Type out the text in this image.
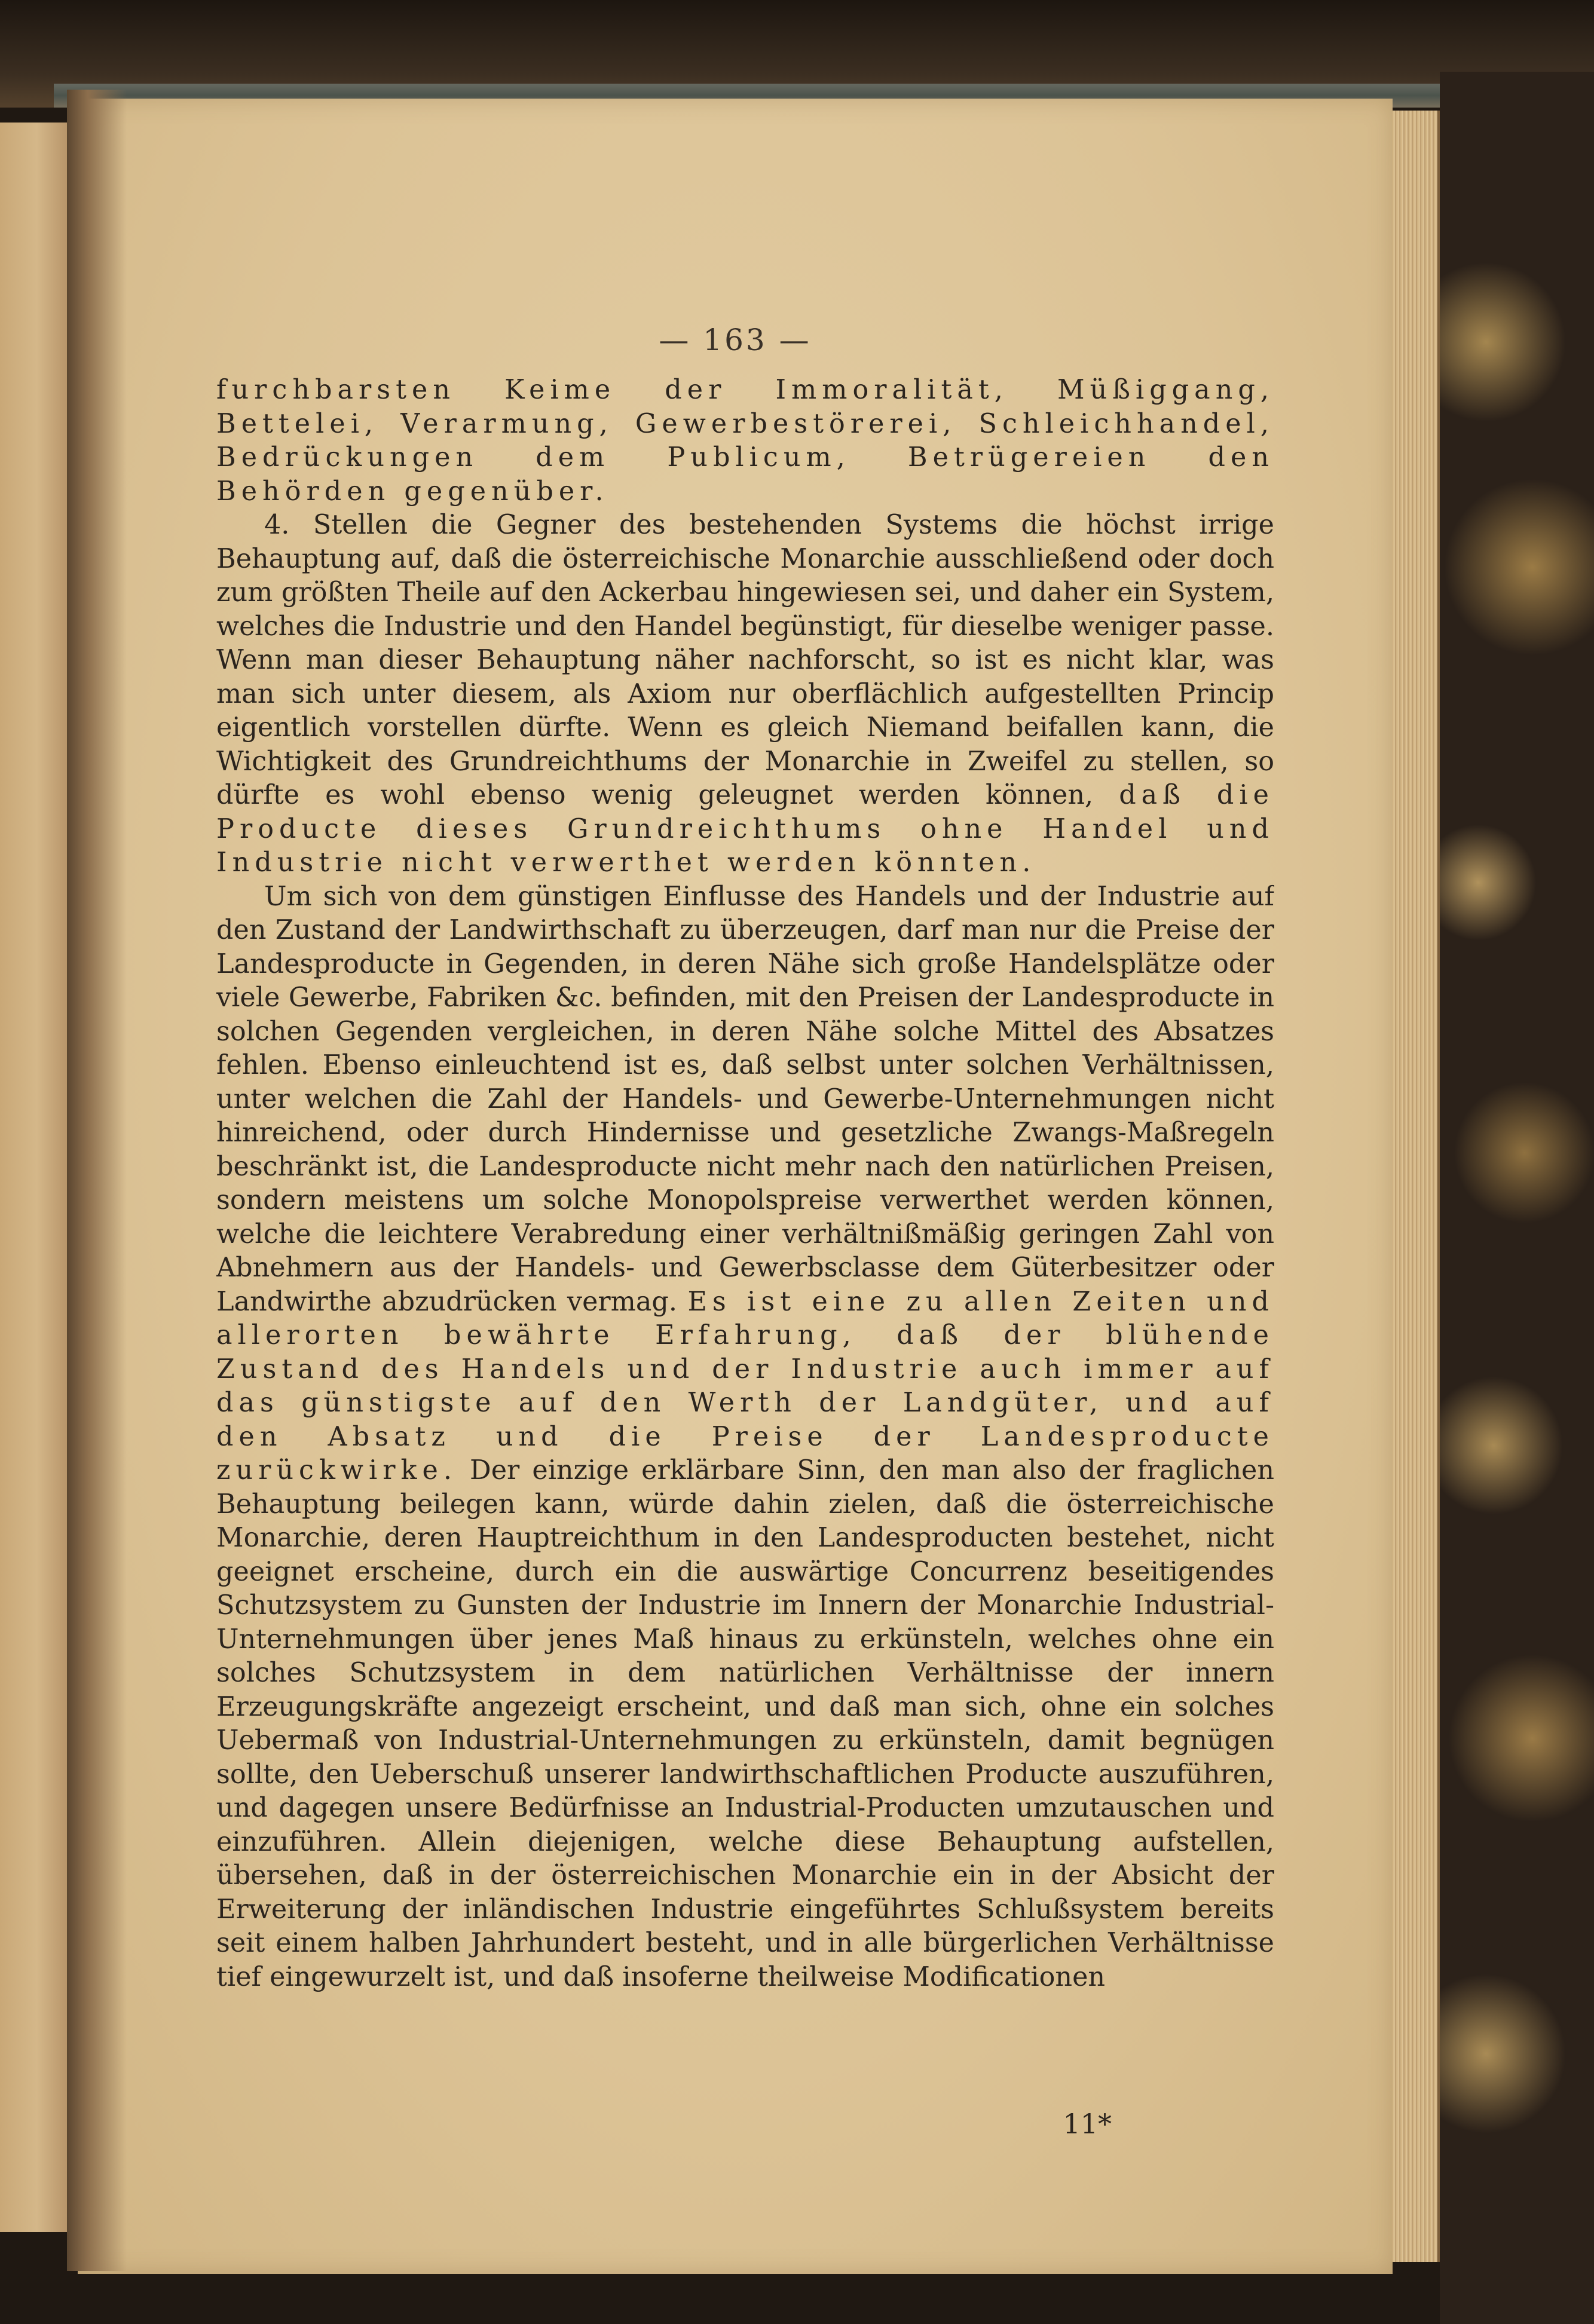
— 163 —

furchbarsten Keime der Immoralität, Müßiggang, Bettelei, Verarmung, Gewerbestörerei, Schleichhandel, Bedrückungen dem Publicum, Betrügereien den Behörden gegenüber.

4. Stellen die Gegner des bestehenden Systems die höchst irrige Behauptung auf, daß die österreichische Monarchie ausschließend oder doch zum größten Theile auf den Ackerbau hingewiesen sei, und daher ein System, welches die Industrie und den Handel begünstigt, für dieselbe weniger passe. Wenn man dieser Behauptung näher nachforscht, so ist es nicht klar, was man sich unter diesem, als Axiom nur oberflächlich aufgestellten Princip eigentlich vorstellen dürfte. Wenn es gleich Niemand beifallen kann, die Wichtigkeit des Grundreichthums der Monarchie in Zweifel zu stellen, so dürfte es wohl ebenso wenig geleugnet werden können, daß die Producte dieses Grundreichthums ohne Handel und Industrie nicht verwerthet werden könnten.

Um sich von dem günstigen Einflusse des Handels und der Industrie auf den Zustand der Landwirthschaft zu überzeugen, darf man nur die Preise der Landesproducte in Gegenden, in deren Nähe sich große Handelsplätze oder viele Gewerbe, Fabriken &c. befinden, mit den Preisen der Landesproducte in solchen Gegenden vergleichen, in deren Nähe solche Mittel des Absatzes fehlen. Ebenso einleuchtend ist es, daß selbst unter solchen Verhältnissen, unter welchen die Zahl der Handels- und Gewerbe-Unternehmungen nicht hinreichend, oder durch Hindernisse und gesetzliche Zwangs-Maßregeln beschränkt ist, die Landesproducte nicht mehr nach den natürlichen Preisen, sondern meistens um solche Monopolspreise verwerthet werden können, welche die leichtere Verabredung einer verhältnißmäßig geringen Zahl von Abnehmern aus der Handels- und Gewerbsclasse dem Güterbesitzer oder Landwirthe abzudrücken vermag. Es ist eine zu allen Zeiten und allerorten bewährte Erfahrung, daß der blühende Zustand des Handels und der Industrie auch immer auf das günstigste auf den Werth der Landgüter, und auf den Absatz und die Preise der Landesproducte zurückwirke. Der einzige erklärbare Sinn, den man also der fraglichen Behauptung beilegen kann, würde dahin zielen, daß die österreichische Monarchie, deren Hauptreichthum in den Landesproducten bestehet, nicht geeignet erscheine, durch ein die auswärtige Concurrenz beseitigendes Schutzsystem zu Gunsten der Industrie im Innern der Monarchie Industrial-Unternehmungen über jenes Maß hinaus zu erkünsteln, welches ohne ein solches Schutzsystem in dem natürlichen Verhältnisse der innern Erzeugungskräfte angezeigt erscheint, und daß man sich, ohne ein solches Uebermaß von Industrial-Unternehmungen zu erkünsteln, damit begnügen sollte, den Ueberschuß unserer landwirthschaftlichen Producte auszuführen, und dagegen unsere Bedürfnisse an Industrial-Producten umzutauschen und einzuführen. Allein diejenigen, welche diese Behauptung aufstellen, übersehen, daß in der österreichischen Monarchie ein in der Absicht der Erweiterung der inländischen Industrie eingeführtes Schlußsystem bereits seit einem halben Jahrhundert besteht, und in alle bürgerlichen Verhältnisse tief eingewurzelt ist, und daß insoferne theilweise Modificationen

11*
